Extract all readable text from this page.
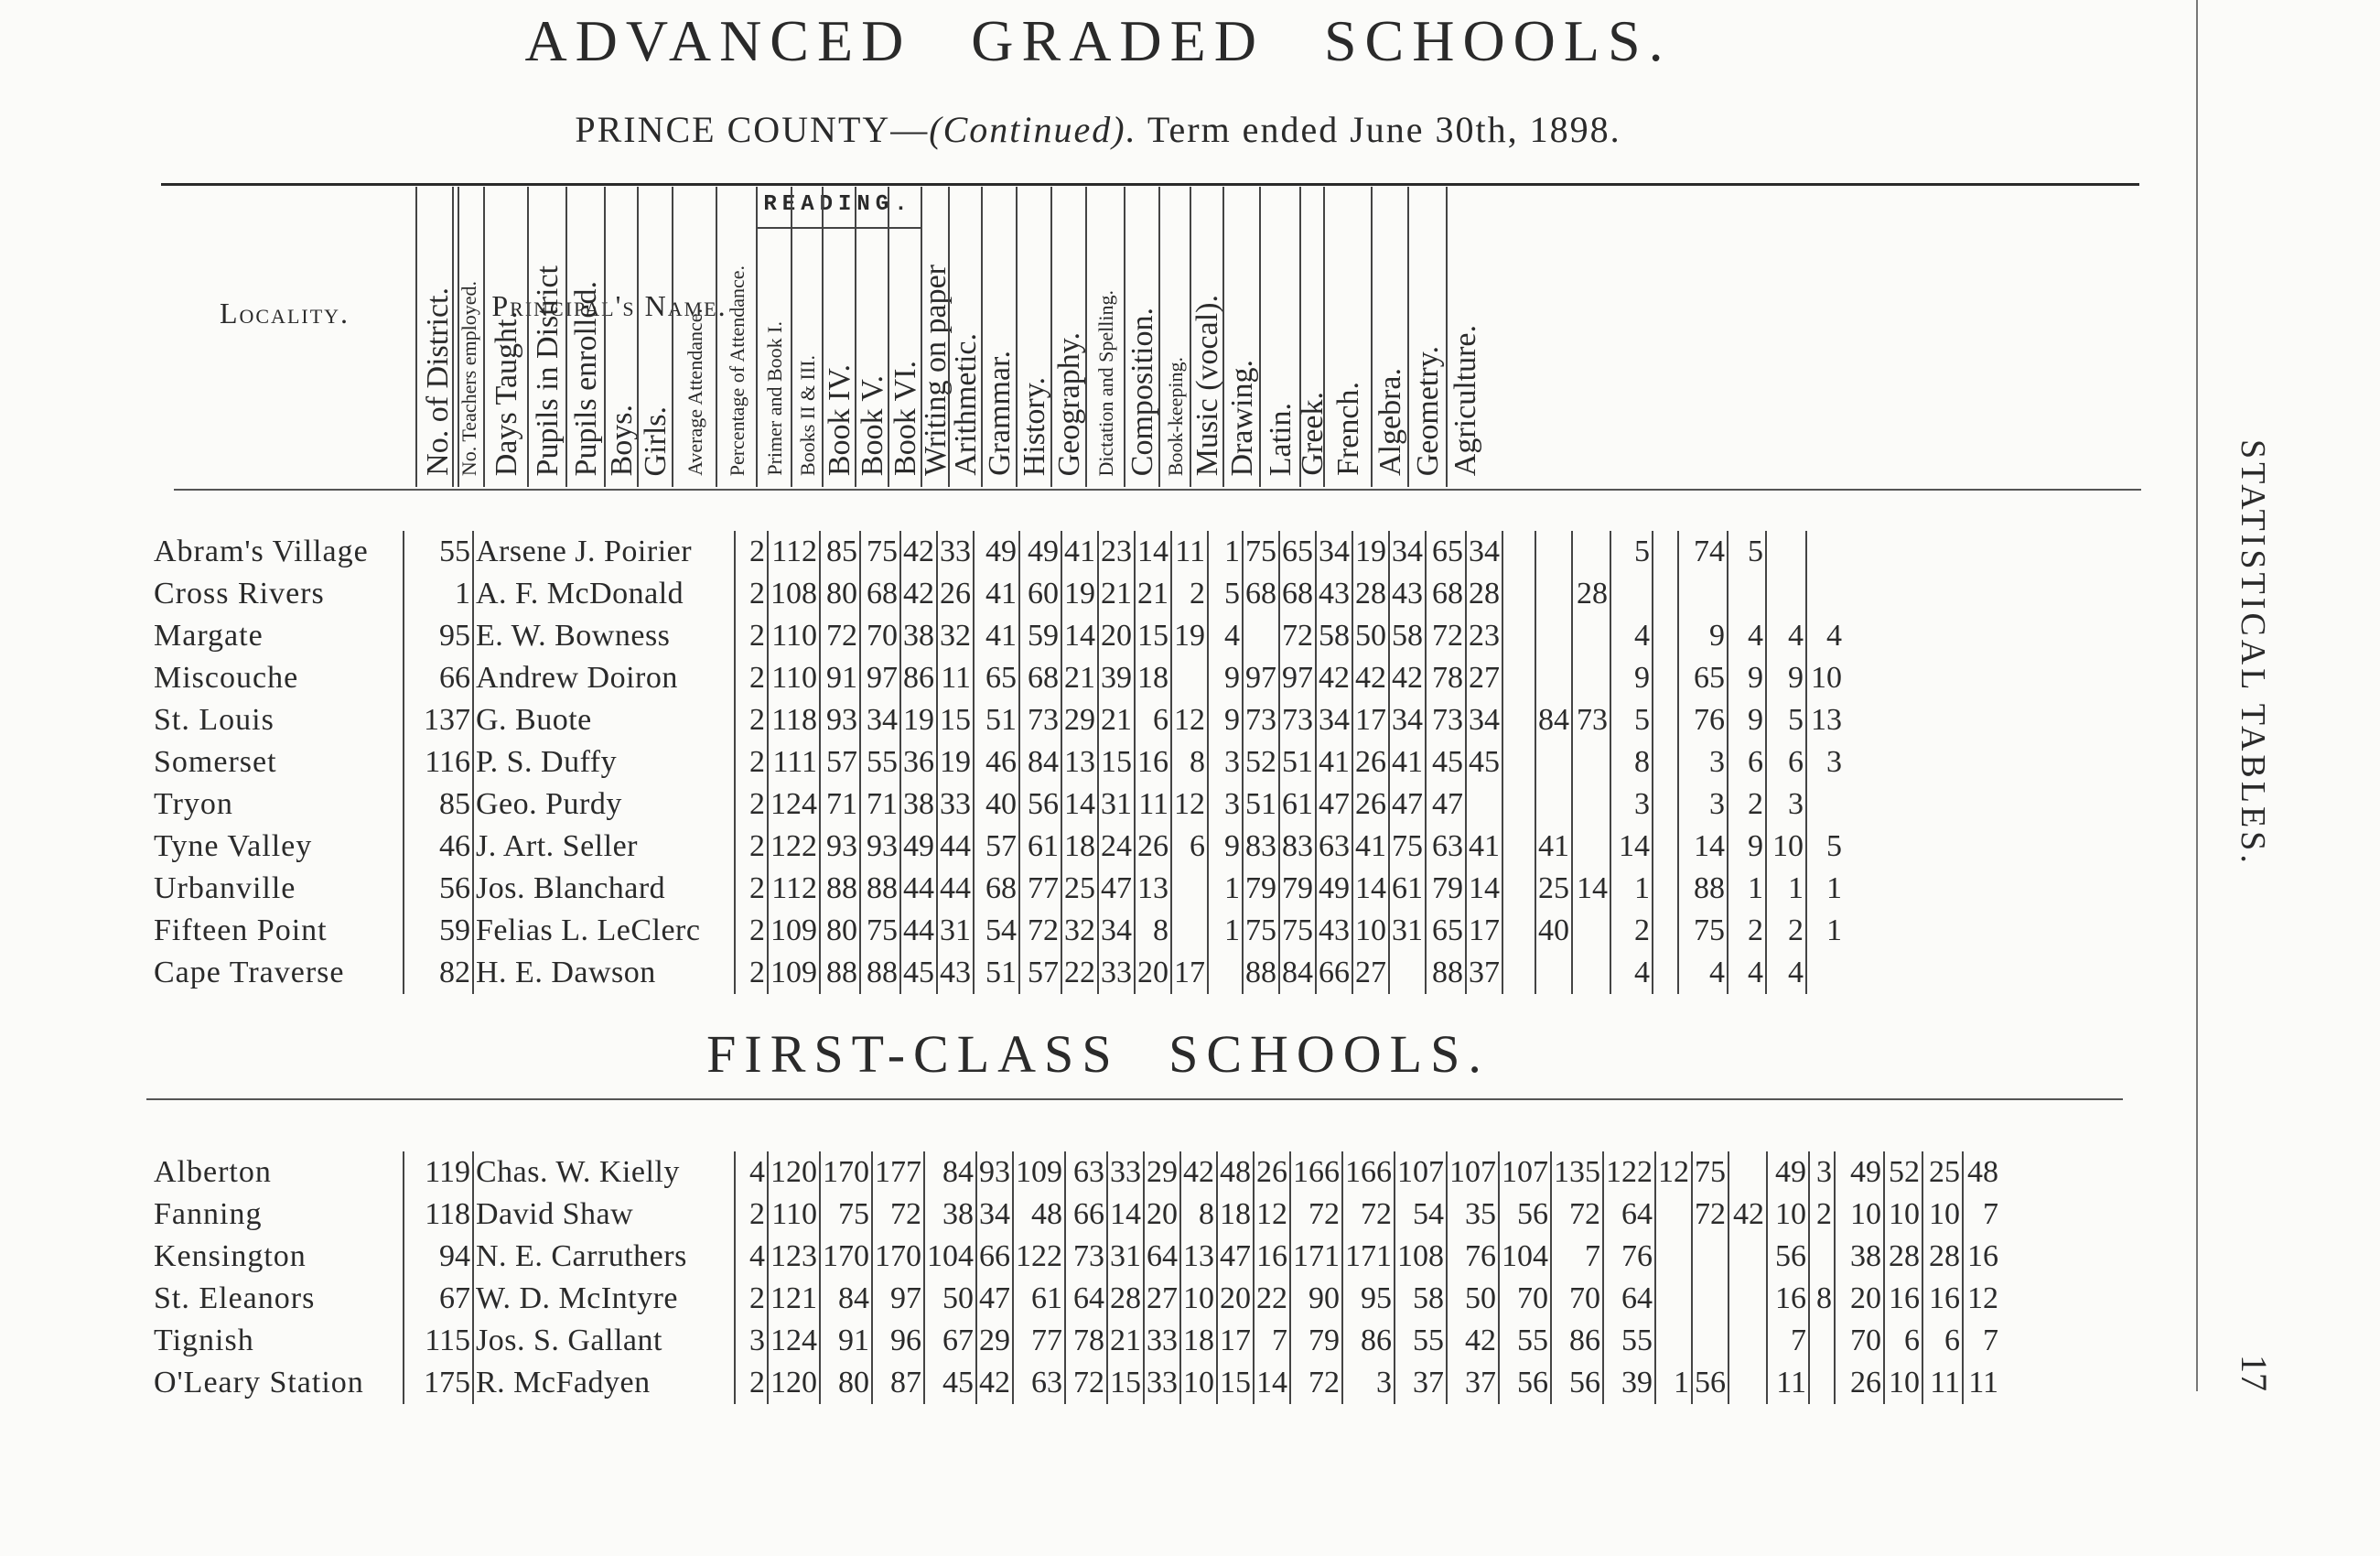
ADVANCED GRADED SCHOOLS.
PRINCE COUNTY—(Continued). Term ended June 30th, 1898.
Locality.	No. of District.	Principal's Name.
READING.
No. Teachers employed. Days Taught. Pupils in District Pupils enrolled. Boys. Girls. Average Attendance. Percentage of Attendance. Primer and Book I. Books II & III. Book IV. Book V. Book VI.
Writing on paper
Arithmetic. Grammar. History. Geography. Dictation and Spelling. Composition. Book-keeping. Music (vocal). Drawing. Latin.
Greek. French. Algebra. Geometry. Agriculture.
Abram's Village	55	Arsene J. Poirier	2	112	85	75	42	33	49	49	41	23	14	11	1	75	65	34	19	34	65	34				5		74	5		
Cross Rivers	1	A. F. McDonald	2	108	80	68	42	26	41	60	19	21	21	2	5	68	68	43	28	43	68	28			28						
Margate	95	E. W. Bowness	2	110	72	70	38	32	41	59	14	20	15	19	4		72	58	50	58	72	23				4		9	4	4	4
Miscouche	66	Andrew Doiron	2	110	91	97	86	11	65	68	21	39	18		9	97	97	42	42	42	78	27				9		65	9	9	10
St. Louis	137	G. Buote	2	118	93	34	19	15	51	73	29	21	6	12	9	73	73	34	17	34	73	34		84	73	5		76	9	5	13
Somerset	116	P. S. Duffy	2	111	57	55	36	19	46	84	13	15	16	8	3	52	51	41	26	41	45	45				8		3	6	6	3
Tryon	85	Geo. Purdy	2	124	71	71	38	33	40	56	14	31	11	12	3	51	61	47	26	47	47					3		3	2	3	
Tyne Valley	46	J. Art. Seller	2	122	93	93	49	44	57	61	18	24	26	6	9	83	83	63	41	75	63	41		41		14		14	9	10	5
Urbanville	56	Jos. Blanchard	2	112	88	88	44	44	68	77	25	47	13		1	79	79	49	14	61	79	14		25	14	1		88	1	1	1
Fifteen Point	59	Felias L. LeClerc	2	109	80	75	44	31	54	72	32	34	8		1	75	75	43	10	31	65	17		40		2		75	2	2	1
Cape Traverse	82	H. E. Dawson	2	109	88	88	45	43	51	57	22	33	20	17		88	84	66	27		88	37				4		4	4	4	
FIRST-CLASS SCHOOLS.
Alberton	119	Chas. W. Kielly	4	120	170	177	84	93	109	63	33	29	42	48	26	166	166	107	107	107	135	122	12	75		49	3	49	52	25	48
Fanning	118	David Shaw	2	110	75	72	38	34	48	66	14	20	8	18	12	72	72	54	35	56	72	64		72	42	10	2	10	10	10	7
Kensington	94	N. E. Carruthers	4	123	170	170	104	66	122	73	31	64	13	47	16	171	171	108	76	104	7	76				56		38	28	28	16
St. Eleanors	67	W. D. McIntyre	2	121	84	97	50	47	61	64	28	27	10	20	22	90	95	58	50	70	70	64				16	8	20	16	16	12
Tignish	115	Jos. S. Gallant	3	124	91	96	67	29	77	78	21	33	18	17	7	79	86	55	42	55	86	55				7		70	6	6	7
O'Leary Station	175	R. McFadyen	2	120	80	87	45	42	63	72	15	33	10	15	14	72	3	37	37	56	56	39	1	56		11		26	10	11	11
STATISTICAL TABLES.
17
